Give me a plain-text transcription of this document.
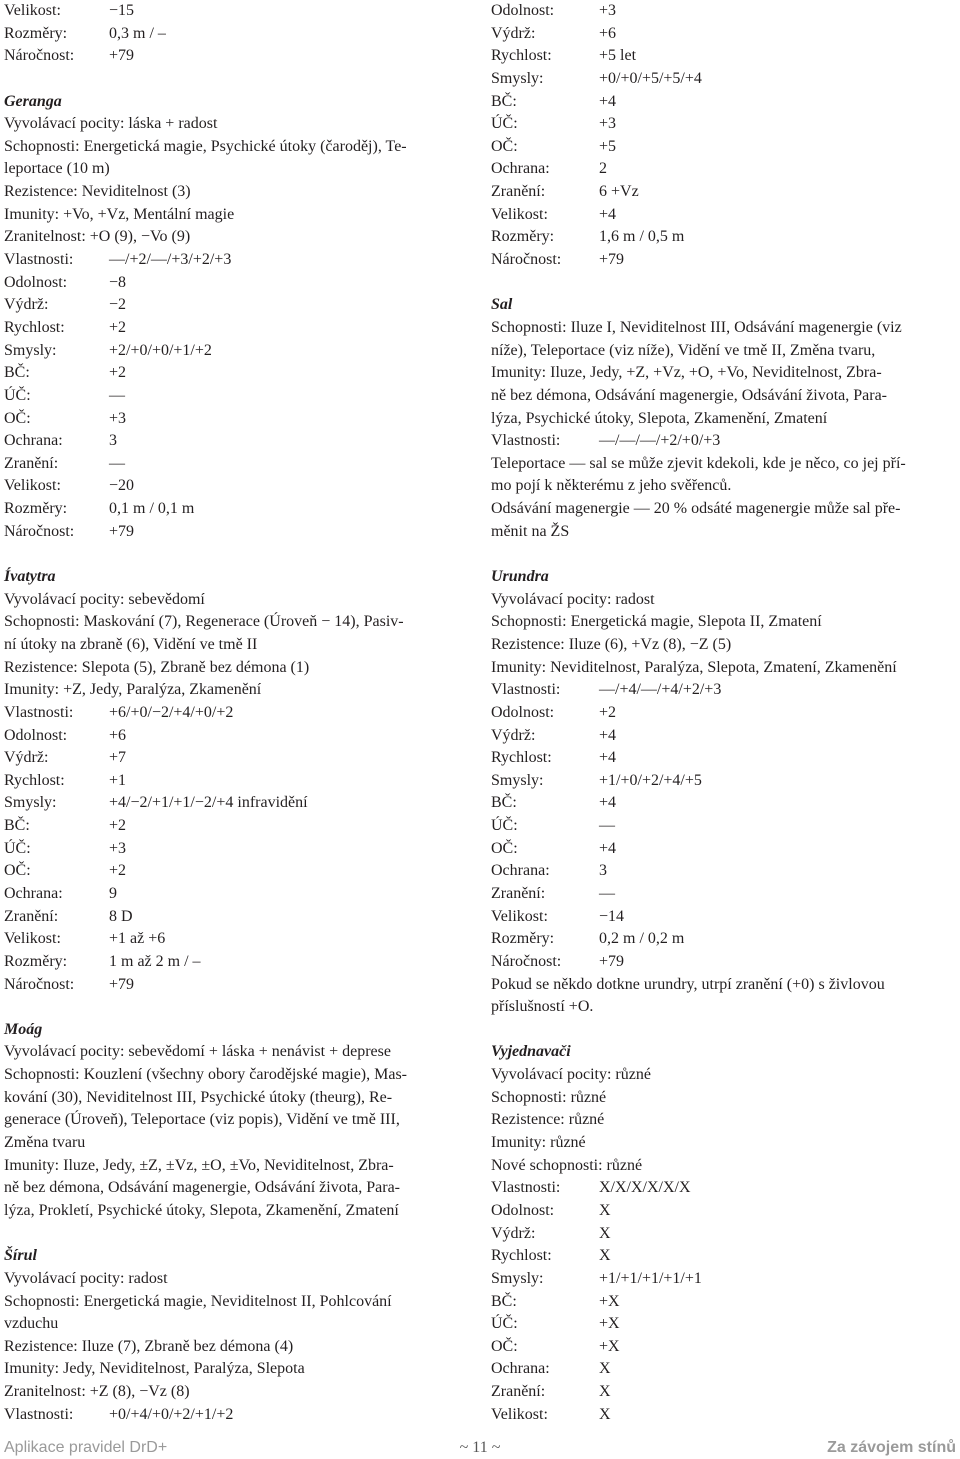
Velikost:	−15
Rozměry:	0,3 m / –
Náročnost: +79
Geranga
Vyvolávací pocity: láska + radost
Schopnosti: Energetická magie, Psychické útoky (čaroděj), Te-
leportace (10 m)
Rezistence: Neviditelnost (3)
Imunity: +Vo, +Vz, Mentální magie
Zranitelnost: +O (9), −Vo (9)
Vlastnosti: —/+2/—/+3/+2/+3
Odolnost:	−8
Výdrž:	−2
Rychlost:	+2
Smysly:	+2/+0/+0/+1/+2
BČ:	+2
ÚČ:	—
OČ:	+3
Ochrana:	3
Zranění:	—
Velikost:	−20
Rozměry:	0,1 m / 0,1 m
Náročnost: +79
Ívatytra
Vyvolávací pocity: sebevědomí
Schopnosti: Maskování (7), Regenerace (Úroveň − 14), Pasiv-
ní útoky na zbraně (6), Vidění ve tmě II
Rezistence: Slepota (5), Zbraně bez démona (1)
Imunity: +Z, Jedy, Paralýza, Zkamenění
Vlastnosti: +6/+0/−2/+4/+0/+2
Odolnost:	+6
Výdrž:	+7
Rychlost:	+1
Smysly:	+4/−2/+1/+1/−2/+4 infravidění
BČ:	+2
ÚČ:	+3
OČ:	+2
Ochrana:	9
Zranění:	8 D
Velikost:	+1 až +6
Rozměry:	1 m až 2 m / –
Náročnost: +79
Moág
Vyvolávací pocity: sebevědomí + láska + nenávist + deprese
Schopnosti: Kouzlení (všechny obory čarodějské magie), Mas-
kování (30), Neviditelnost III, Psychické útoky (theurg), Re-
generace (Úroveň), Teleportace (viz popis), Vidění ve tmě III,
Změna tvaru
Imunity: Iluze, Jedy, ±Z, ±Vz, ±O, ±Vo, Neviditelnost, Zbra-
ně bez démona, Odsávání magenergie, Odsávání života, Para-
lýza, Prokletí, Psychické útoky, Slepota, Zkamenění, Zmatení
Šírul
Vyvolávací pocity: radost
Schopnosti: Energetická magie, Neviditelnost II, Pohlcování
vzduchu
Rezistence: Iluze (7), Zbraně bez démona (4)
Imunity: Jedy, Neviditelnost, Paralýza, Slepota
Zranitelnost: +Z (8), −Vz (8)
Vlastnosti: +0/+4/+0/+2/+1/+2
Odolnost:	+3
Výdrž:	+6
Rychlost:	+5 let
Smysly:	+0/+0/+5/+5/+4
BČ:	+4
ÚČ:	+3
OČ:	+5
Ochrana:	2
Zranění:	6 +Vz
Velikost:	+4
Rozměry:	1,6 m / 0,5 m
Náročnost: +79
Sal
Schopnosti: Iluze I, Neviditelnost III, Odsávání magenergie (viz
níže), Teleportace (viz níže), Vidění ve tmě II, Změna tvaru,
Imunity: Iluze, Jedy, +Z, +Vz, +O, +Vo, Neviditelnost, Zbra-
ně bez démona, Odsávání magenergie, Odsávání života, Para-
lýza, Psychické útoky, Slepota, Zkamenění, Zmatení
Vlastnosti: —/—/—/+2/+0/+3
Teleportace — sal se může zjevit kdekoli, kde je něco, co jej pří-
mo pojí k některému z jeho svěřenců.
Odsávání magenergie — 20 % odsáté magenergie může sal pře-
měnit na ŽS
Urundra
Vyvolávací pocity: radost
Schopnosti: Energetická magie, Slepota II, Zmatení
Rezistence: Iluze (6), +Vz (8), −Z (5)
Imunity: Neviditelnost, Paralýza, Slepota, Zmatení, Zkamenění
Vlastnosti: —/+4/—/+4/+2/+3
Odolnost:	+2
Výdrž:	+4
Rychlost:	+4
Smysly:	+1/+0/+2/+4/+5
BČ:	+4
ÚČ:	—
OČ:	+4
Ochrana:	3
Zranění:	—
Velikost:	−14
Rozměry:	0,2 m / 0,2 m
Náročnost: +79
Pokud se někdo dotkne urundry, utrpí zranění (+0) s živlovou
příslušností +O.
Vyjednavači
Vyvolávací pocity: různé
Schopnosti: různé
Rezistence: různé
Imunity: různé
Nové schopnosti: různé
Vlastnosti: X/X/X/X/X/X
Odolnost:	X
Výdrž:	X
Rychlost:	X
Smysly:	+1/+1/+1/+1/+1
BČ:	+X
ÚČ:	+X
OČ:	+X
Ochrana:	X
Zranění:	X
Velikost:	X
Aplikace pravidel DrD+	~ 11 ~	Za závojem stínů
